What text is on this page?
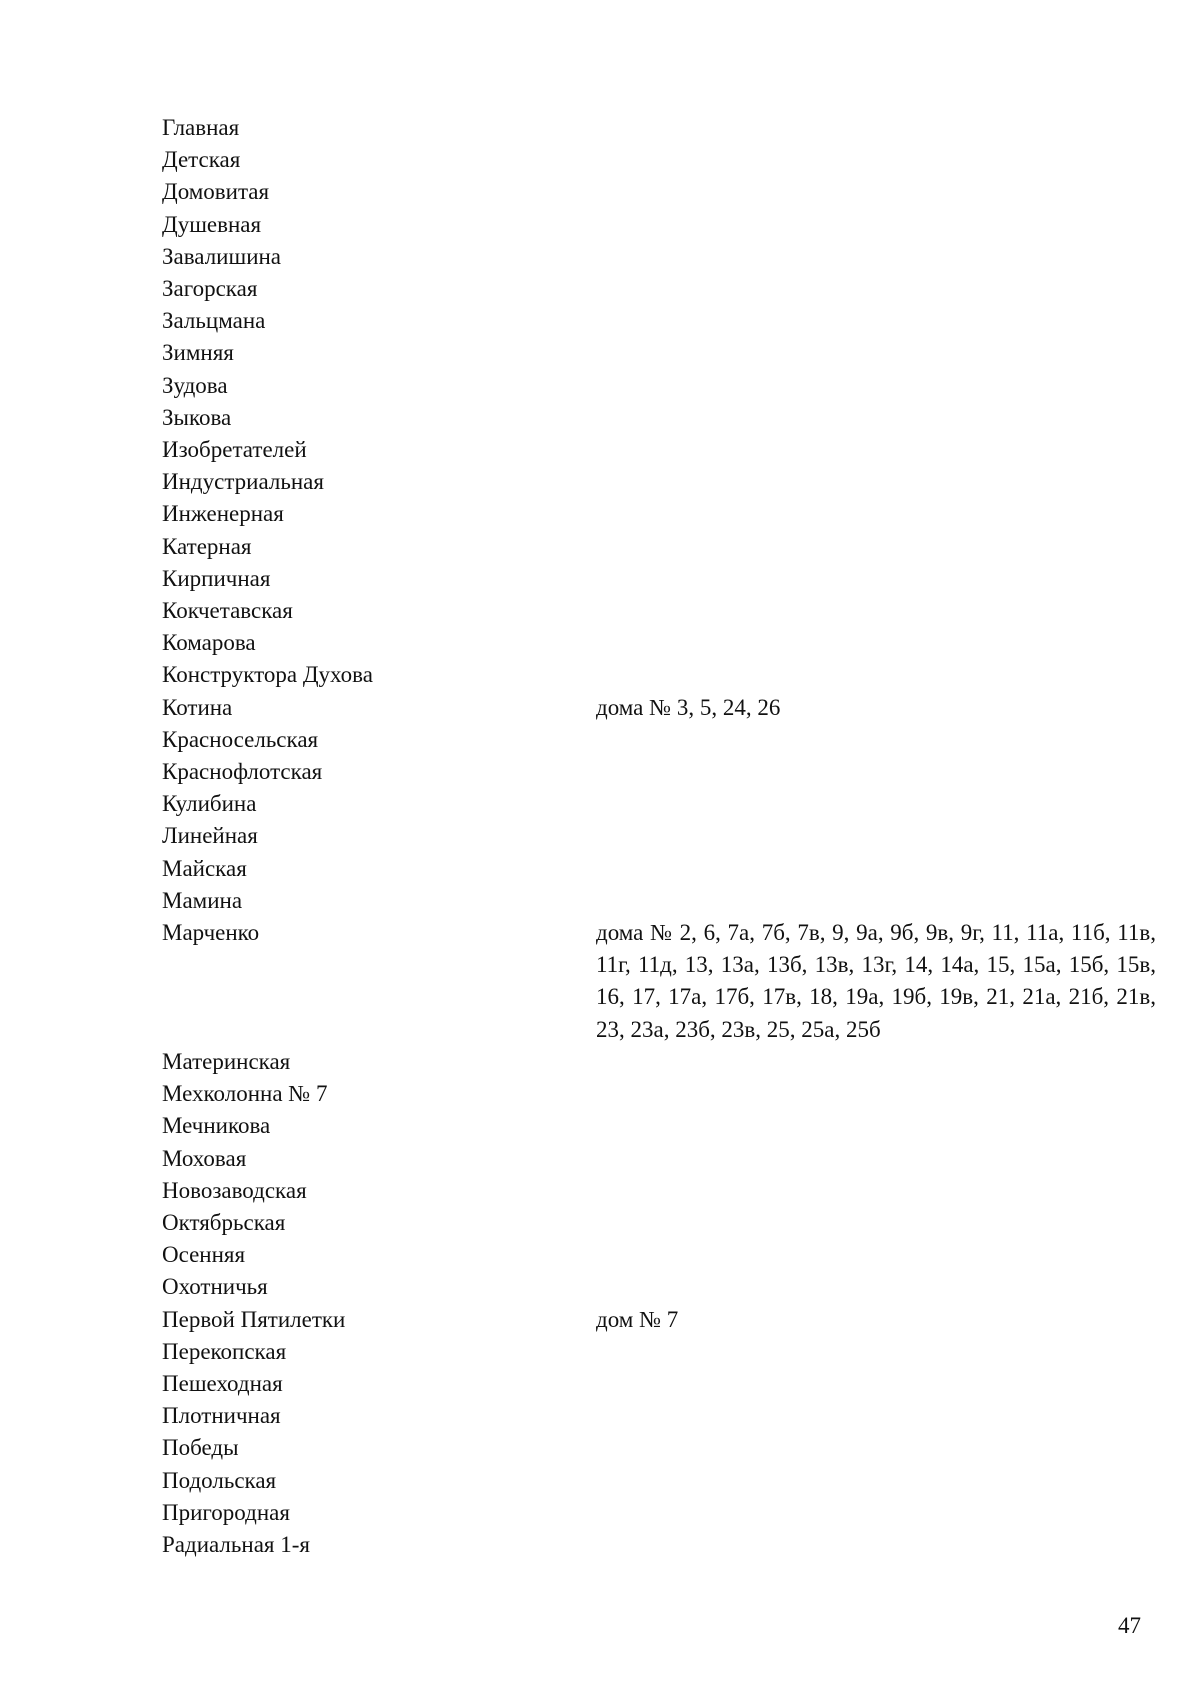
Главная
Детская
Домовитая
Душевная
Завалишина
Загорская
Зальцмана
Зимняя
Зудова
Зыкова
Изобретателей
Индустриальная
Инженерная
Катерная
Кирпичная
Кокчетавская
Комарова
Конструктора Духова
Котина	дома № 3, 5, 24, 26
Красносельская
Краснофлотская
Кулибина
Линейная
Майская
Мамина
Марченко	дома № 2, 6, 7а, 7б, 7в, 9, 9а, 9б, 9в, 9г, 11, 11а, 11б, 11в, 11г, 11д, 13, 13а, 13б, 13в, 13г, 14, 14а, 15, 15а, 15б, 15в, 16, 17, 17а, 17б, 17в, 18, 19а, 19б, 19в, 21, 21а, 21б, 21в, 23, 23а, 23б, 23в, 25, 25а, 25б
Материнская
Мехколонна № 7
Мечникова
Моховая
Новозаводская
Октябрьская
Осенняя
Охотничья
Первой Пятилетки	дом № 7
Перекопская
Пешеходная
Плотничная
Победы
Подольская
Пригородная
Радиальная 1-я
47
